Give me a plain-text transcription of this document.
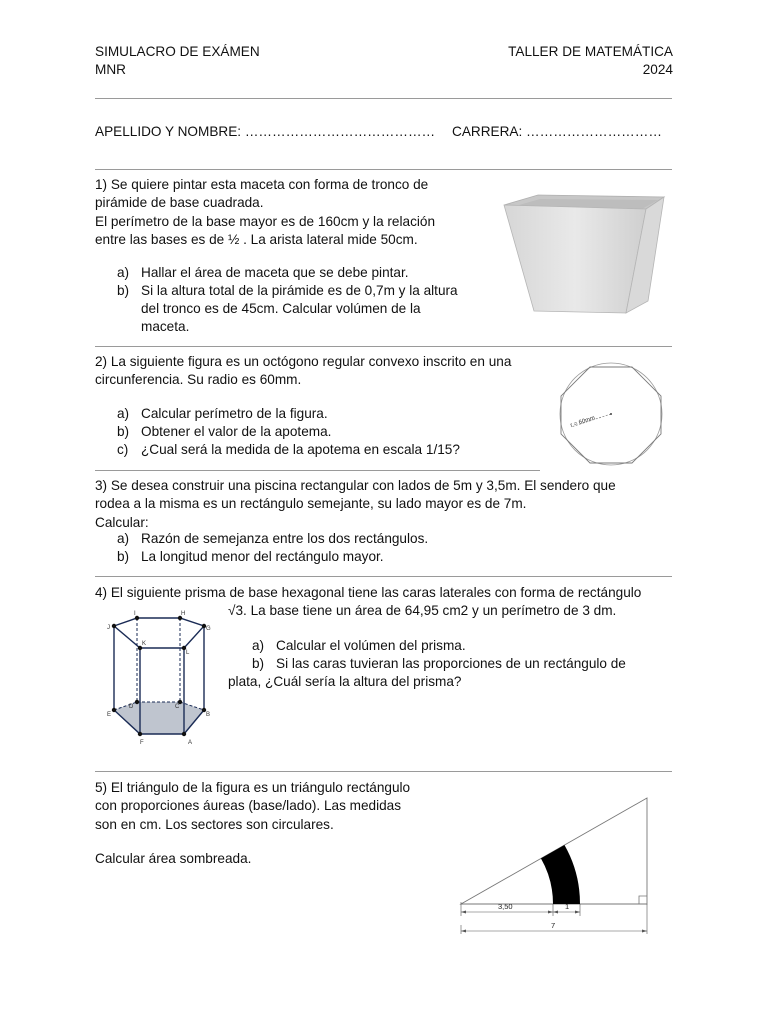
SIMULACRO DE EXÁMEN
MNR
TALLER DE MATEMÁTICA
2024
APELLIDO Y NOMBRE: …………………………………… CARRERA: …………………………
1) Se quiere pintar esta maceta con forma de tronco de
pirámide de base cuadrada.
El perímetro de la base mayor es de 160cm y la relación
entre las bases es de ½ . La arista lateral mide 50cm.
a) Hallar el área de maceta que se debe pintar.
b) Si la altura total de la pirámide es de 0,7m y la altura
del tronco es de 45cm. Calcular volúmen de la
maceta.
2) La siguiente figura es un octógono regular convexo inscrito en una
circunferencia. Su radio es 60mm.
a) Calcular perímetro de la figura.
b) Obtener el valor de la apotema.
c) ¿Cual será la medida de la apotema en escala 1/15?
r = 60mm
3) Se desea construir una piscina rectangular con lados de 5m y 3,5m. El sendero que
rodea a la misma es un rectángulo semejante, su lado mayor es de 7m.
Calcular:
a) Razón de semejanza entre los dos rectángulos.
b) La longitud menor del rectángulo mayor.
4) El siguiente prisma de base hexagonal tiene las caras laterales con forma de rectángulo
√3. La base tiene un área de 64,95 cm2 y un perímetro de 3 dm.
a) Calcular el volúmen del prisma.
b) Si las caras tuvieran las proporciones de un rectángulo de
plata, ¿Cuál sería la altura del prisma?
I	H
J
K
G
L
D	C
E	B
F	A
5) El triángulo de la figura es un triángulo rectángulo
con proporciones áureas (base/lado). Las medidas
son en cm. Los sectores son circulares.
Calcular área sombreada.
3,50	1
7
